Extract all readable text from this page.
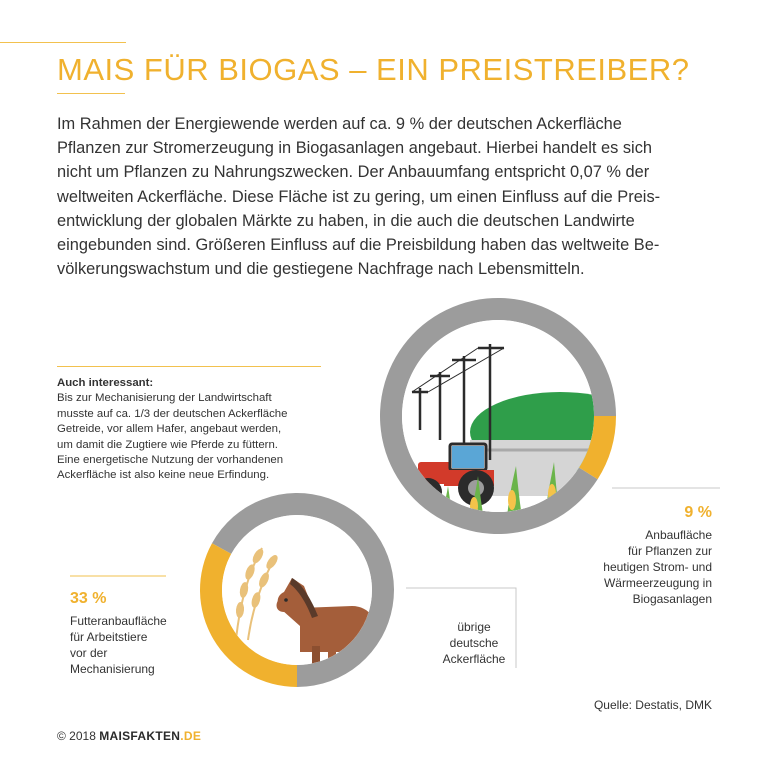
MAIS FÜR BIOGAS – EIN PREISTREIBER?

Im Rahmen der Energiewende werden auf ca. 9 % der deutschen Ackerfläche
Pflanzen zur Stromerzeugung in Biogasanlagen angebaut. Hierbei handelt es sich
nicht um Pflanzen zu Nahrungszwecken. Der Anbauumfang entspricht 0,07 % der
weltweiten Ackerfläche. Diese Fläche ist zu gering, um einen Einfluss auf die Preis-
entwicklung der globalen Märkte zu haben, in die auch die deutschen Landwirte
eingebunden sind. Größeren Einfluss auf die Preisbildung haben das weltweite Be-
völkerungswachstum und die gestiegene Nachfrage nach Lebensmitteln.

Auch interessant:
Bis zur Mechanisierung der Landwirtschaft
musste auf ca. 1/3 der deutschen Ackerfläche
Getreide, vor allem Hafer, angebaut werden,
um damit die Zugtiere wie Pferde zu füttern.
Eine energetische Nutzung der vorhandenen
Ackerfläche ist also keine neue Erfindung.
9 %
Anbaufläche
für Pflanzen zur
heutigen Strom- und
Wärmeerzeugung in
Biogasanlagen
übrige
deutsche
Ackerfläche
33 %
Futteranbaufläche
für Arbeitstiere
vor der
Mechanisierung
Quelle: Destatis, DMK
© 2018 MAISFAKTEN.DE
